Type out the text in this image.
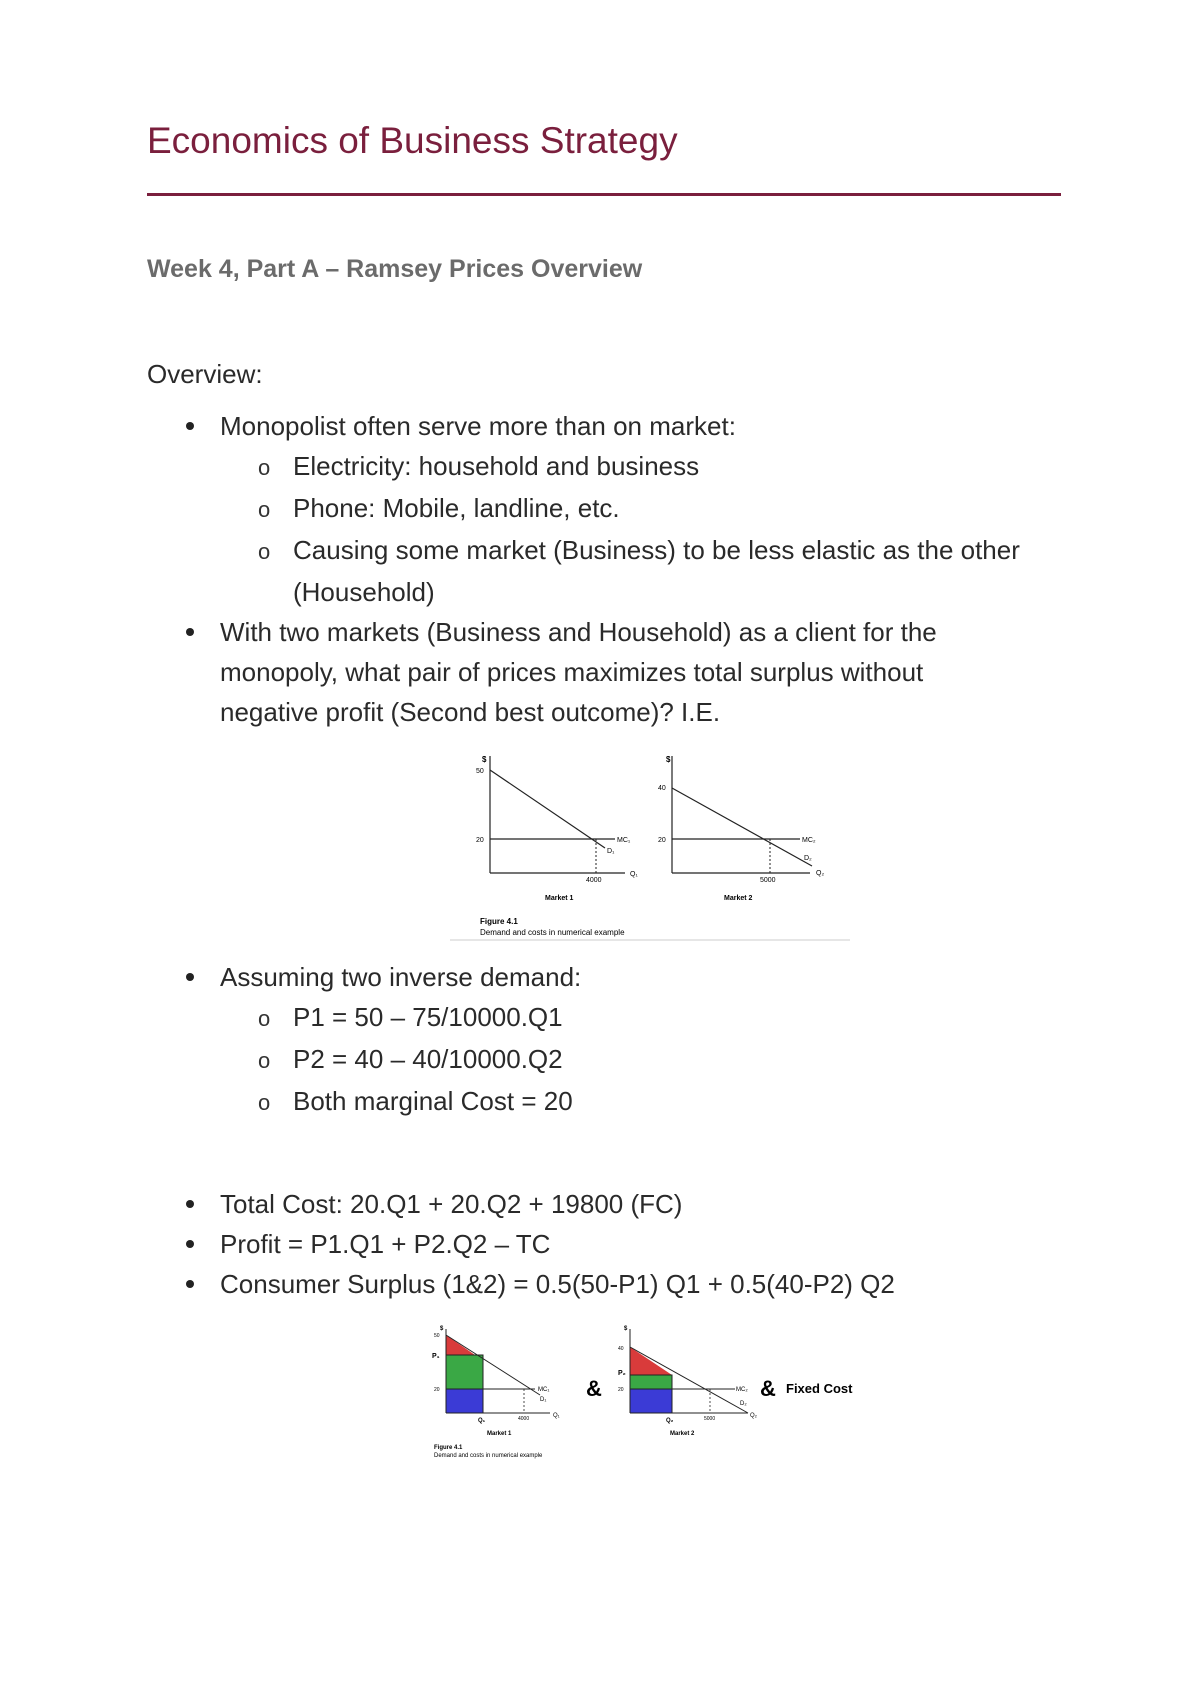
Economics of Business Strategy
Week 4, Part A – Ramsey Prices Overview
Overview:
Monopolist often serve more than on market:
o Electricity: household and business
o Phone: Mobile, landline, etc.
o Causing some market (Business) to be less elastic as the other
(Household)
With two markets (Business and Household) as a client for the
monopoly, what pair of prices maximizes total surplus without
negative profit (Second best outcome)? I.E.
$
50
20	MC₁
D₁
Q₁
4000
Market 1
$
40
20	MC₂
D₂
Q₂
5000
Market 2
Figure 4.1
Demand and costs in numerical example
Assuming two inverse demand:
o P1 = 50 – 75/10000.Q1
o P2 = 40 – 40/10000.Q2
o Both marginal Cost = 20
Total Cost: 20.Q1 + 20.Q2 + 19800 (FC)
Profit = P1.Q1 + P2.Q2 – TC
Consumer Surplus (1&2) = 0.5(50-P1) Q1 + 0.5(40-P2) Q2
$
50
P₁
20	MC₁
D₁
Q₁
Q₁	4000
Market 1
Figure 4.1
Demand and costs in numerical example
&
$
40
P₂
20	MC₂
D₂
Q₂
Q₂	5000
Market 2
& Fixed Cost
